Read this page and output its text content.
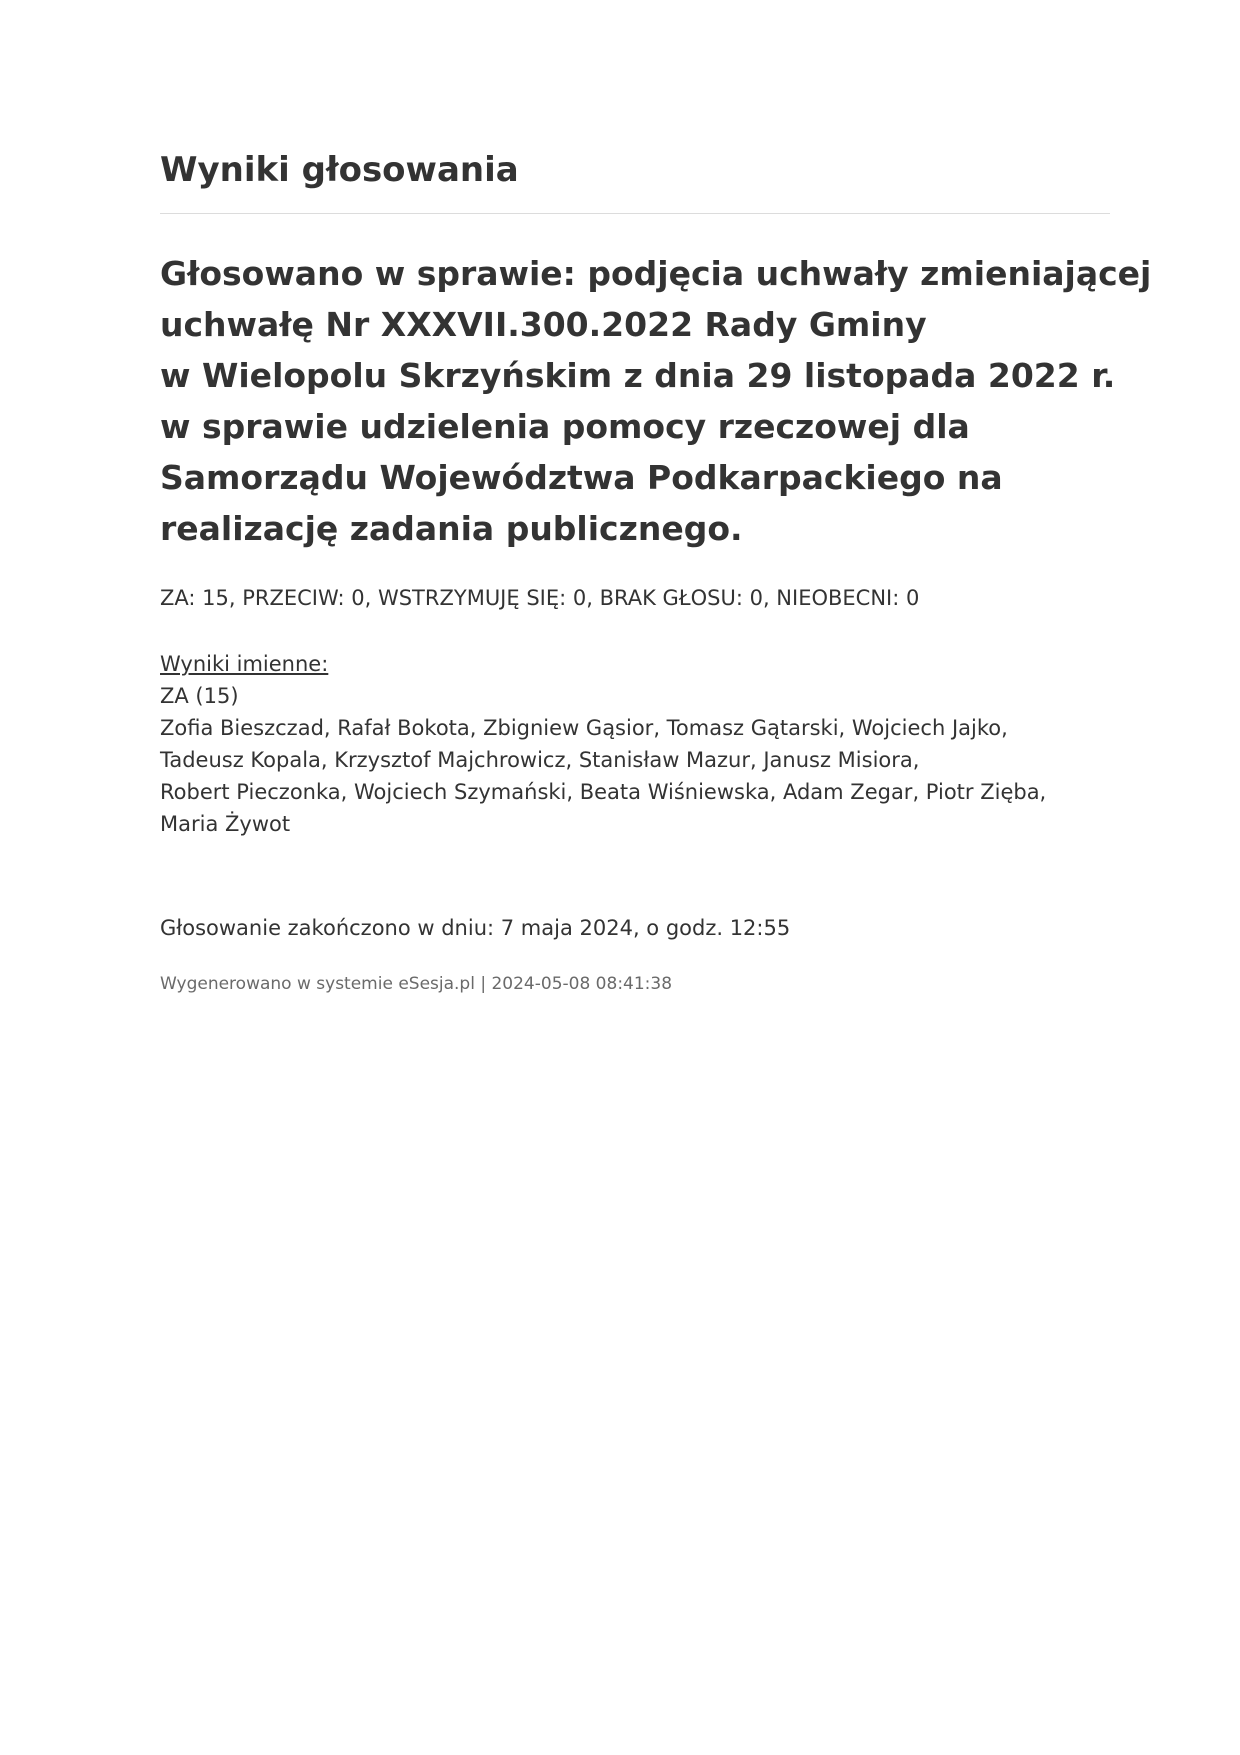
Wyniki głosowania

Głosowano w sprawie: podjęcia uchwały zmieniającej
uchwałę Nr XXXVII.300.2022 Rady Gminy
w Wielopolu Skrzyńskim z dnia 29 listopada 2022 r.
w sprawie udzielenia pomocy rzeczowej dla
Samorządu Województwa Podkarpackiego na
realizację zadania publicznego.

ZA: 15, PRZECIW: 0, WSTRZYMUJĘ SIĘ: 0, BRAK GŁOSU: 0, NIEOBECNI: 0
Wyniki imienne:
ZA (15)
Zofia Bieszczad, Rafał Bokota, Zbigniew Gąsior, Tomasz Gątarski, Wojciech Jajko,
Tadeusz Kopala, Krzysztof Majchrowicz, Stanisław Mazur, Janusz Misiora,
Robert Pieczonka, Wojciech Szymański, Beata Wiśniewska, Adam Zegar, Piotr Zięba,
Maria Żywot
Głosowanie zakończono w dniu: 7 maja 2024, o godz. 12:55
Wygenerowano w systemie eSesja.pl | 2024-05-08 08:41:38
